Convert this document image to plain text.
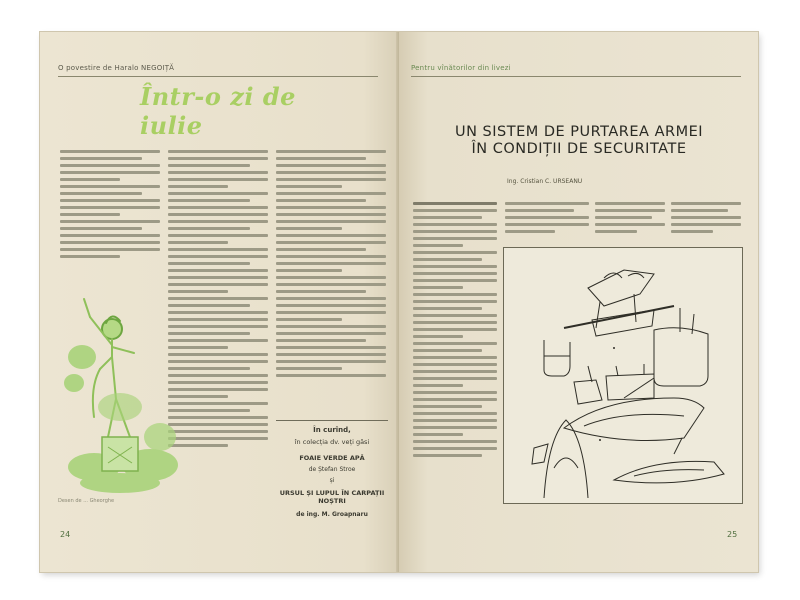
O povestire de Haralo NEGOIȚĂ
Într-o zi de iulie
Desen de ... Gheorghe
24
În curînd,
în colecția dv. veți găsi
FOAIE VERDE APĂ
de Ștefan Stroe
și
URSUL ȘI LUPUL ÎN CARPAȚII NOȘTRI
de ing. M. Groapnaru
Pentru vînătorilor din livezi
UN SISTEM DE PURTAREA ARMEI
ÎN CONDIȚII DE SECURITATE
Ing. Cristian C. URSEANU
25
